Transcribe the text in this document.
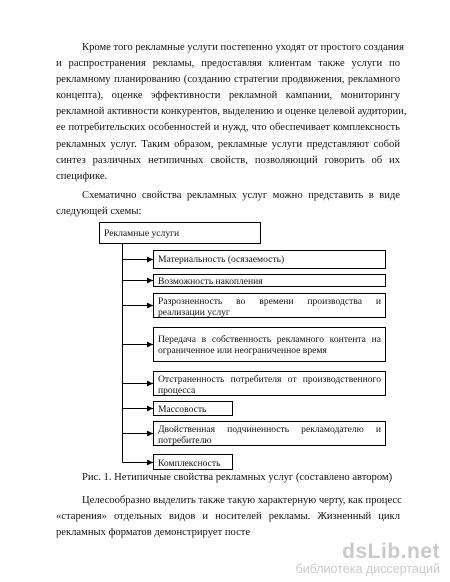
Кроме того рекламные услуги постепенно уходят от простого создания
и распространения рекламы, предоставляя клиентам также услуги по
рекламному планированию (созданию стратегии продвижения, рекламного
концепта), оценке эффективности рекламной кампании, мониторингу
рекламной активности конкурентов, выделению и оценке целевой аудитории,
ее потребительских особенностей и нужд, что обеспечивает комплексность
рекламных услуг. Таким образом, рекламные услуги представляют собой
синтез различных нетипичных свойств, позволяющий говорить об их
специфике.

Схематично свойства рекламных услуг можно представить в виде
следующей схемы:

Рекламные услуги
Материальность (осязаемость)
Возможность накопления
Разрозненность во времени производства и
реализации услуг
Передача в собственность рекламного контента на
ограниченное или неограниченное время
Отстраненность потребителя от производственного
процесса
Массовость
Двойственная подчиненность рекламодателю и
потребителю
Комплексность

Рис. 1. Нетипичные свойства рекламных услуг (составлено автором)

Целесообразно выделить также такую характерную черту, как процесс
«старения» отдельных видов и носителей рекламы. Жизненный цикл
рекламных форматов демонстрирует посте

dsLib.net
библиотека диссертаций
